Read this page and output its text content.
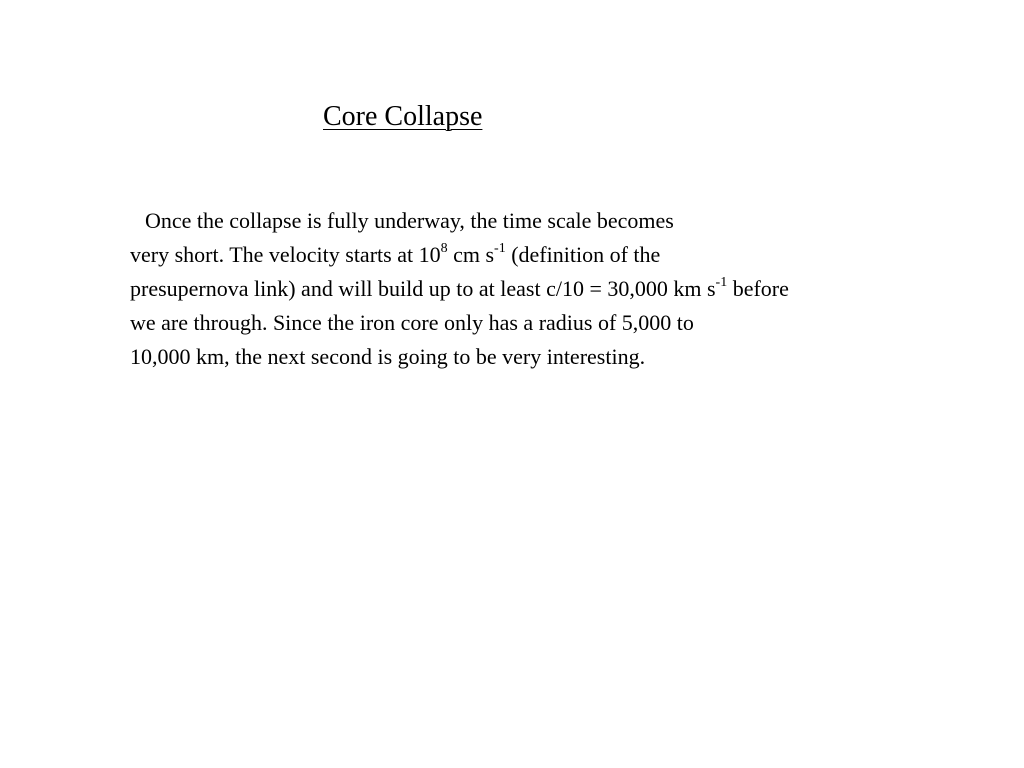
Core Collapse
Once the collapse is fully underway, the time scale becomes
very short. The velocity starts at $10^8$ cm $s^{-1}$ (definition of the
presupernova link) and will build up to at least c/10 = 30,000 km $s^{-1}$ before
we are through. Since the iron core only has a radius of 5,000 to
10,000 km, the next second is going to be very interesting.
